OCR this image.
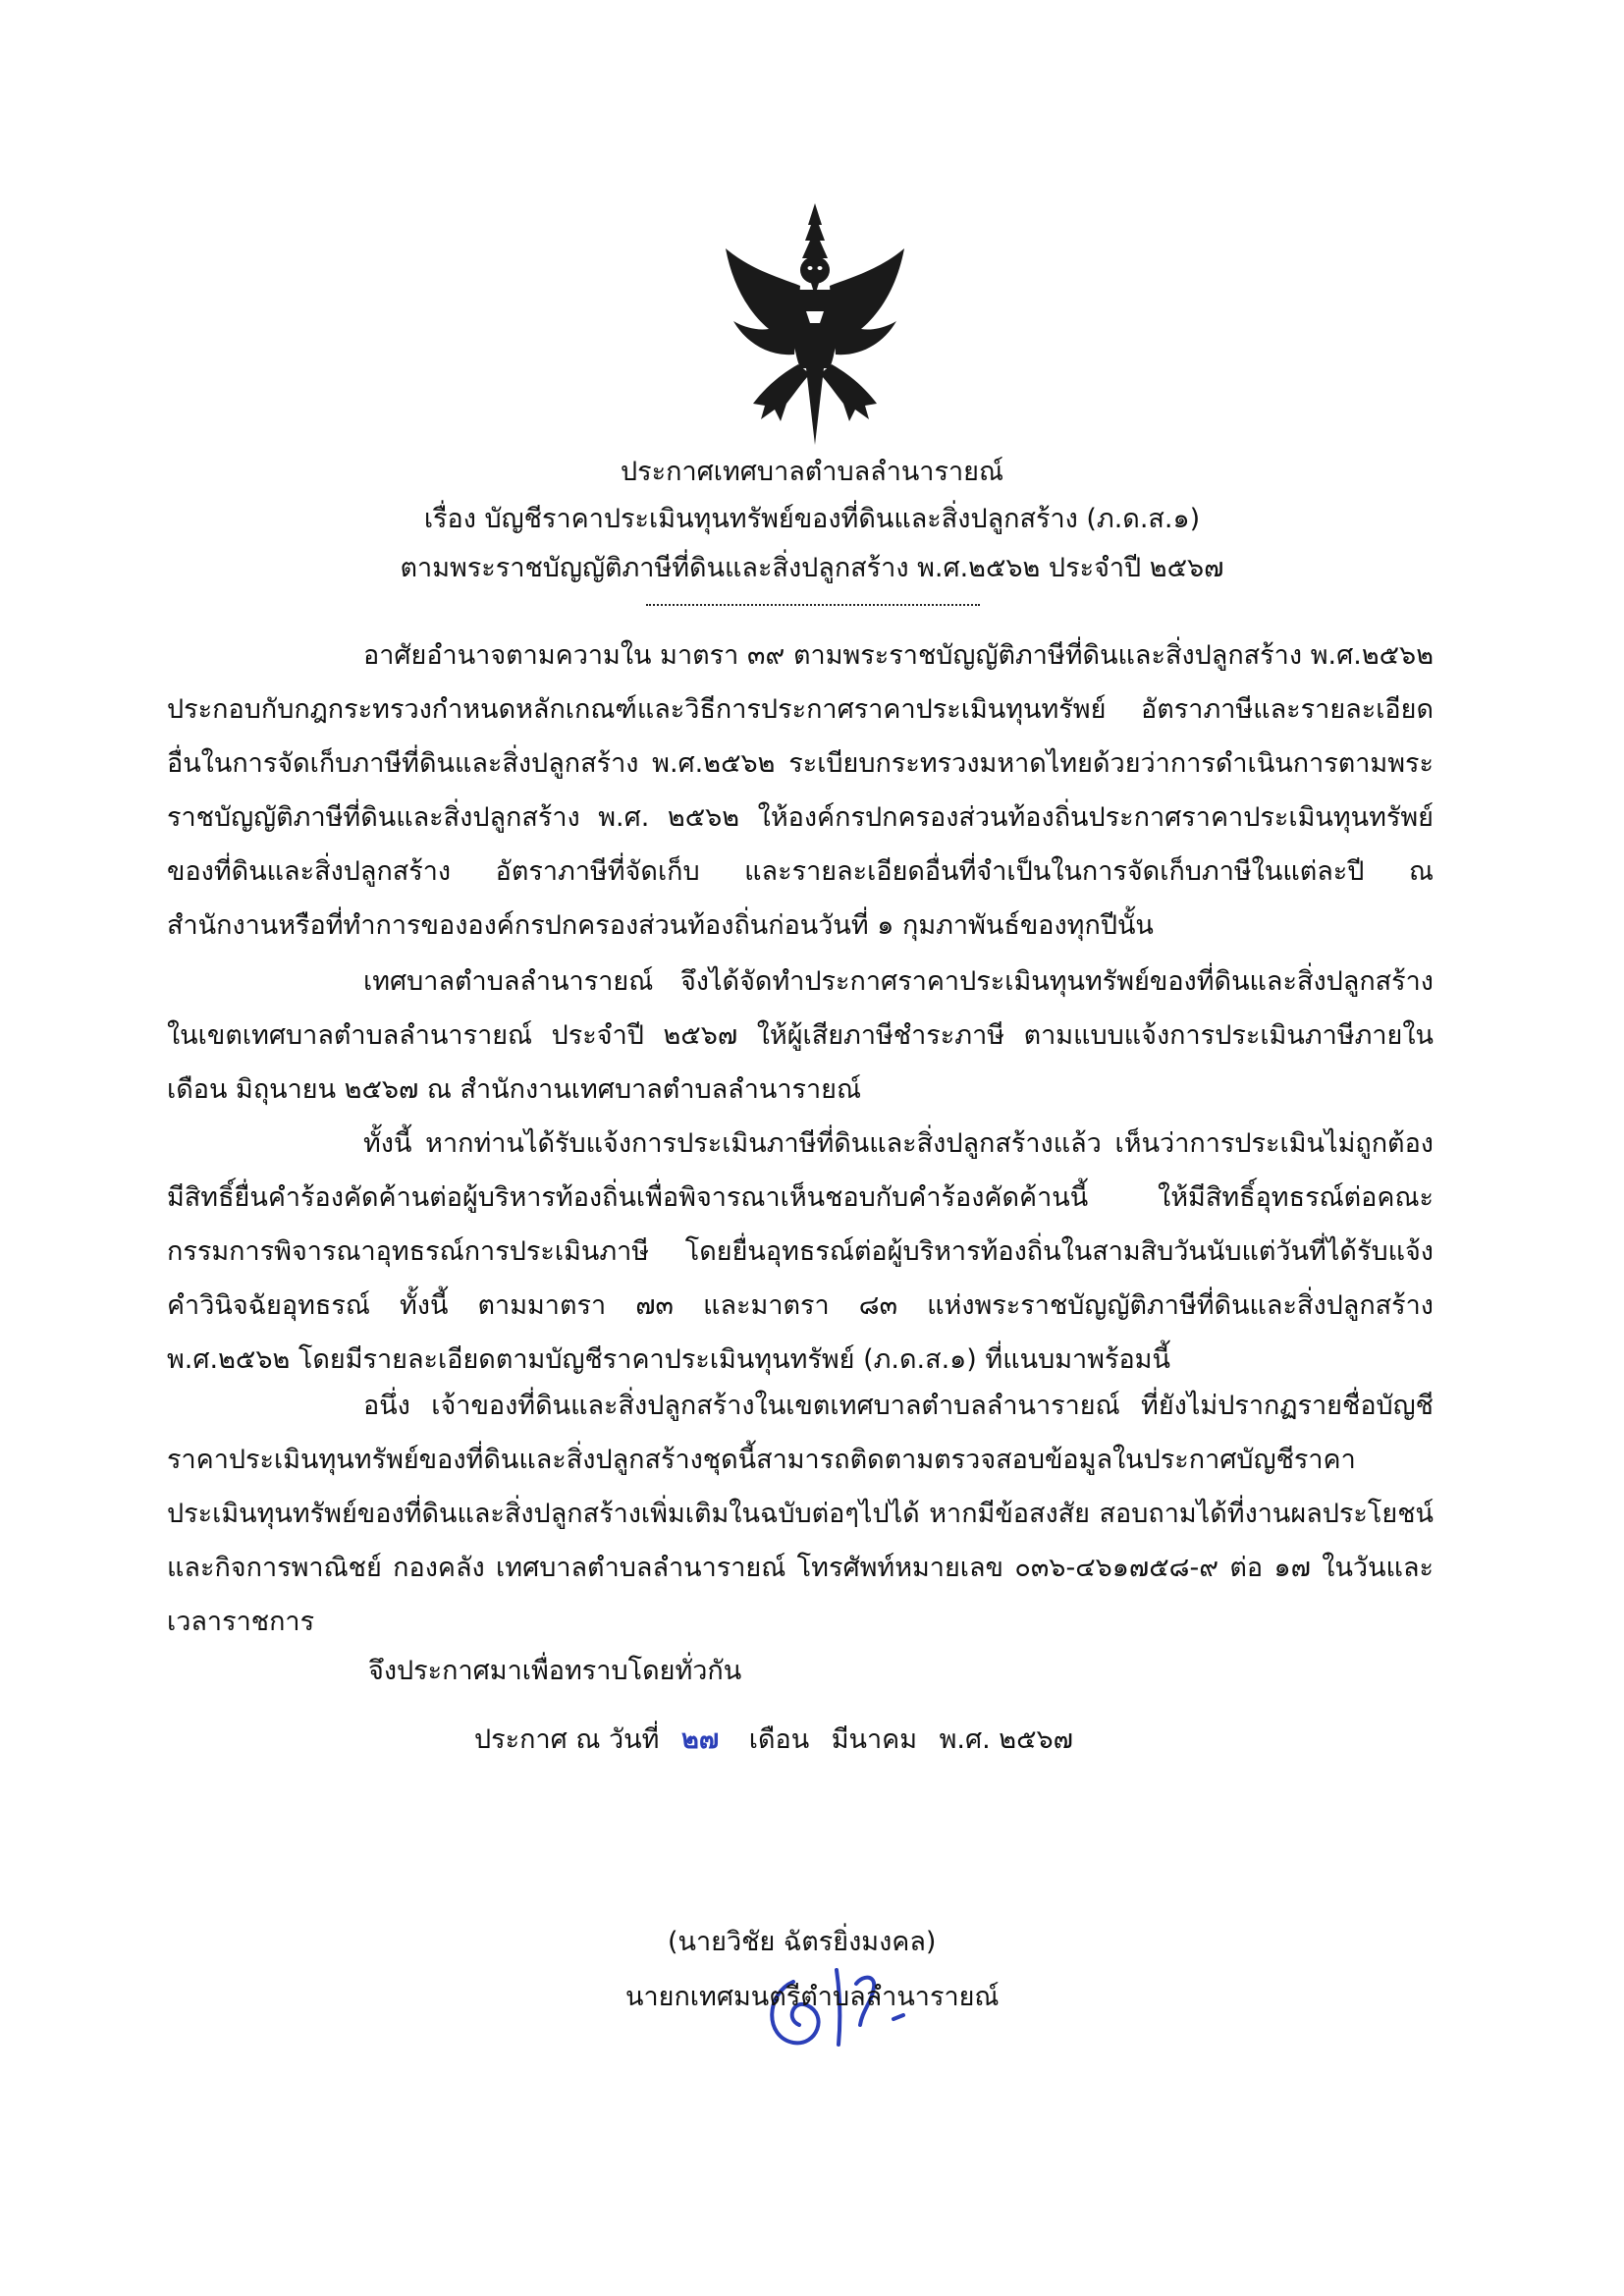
ประกาศเทศบาลตำบลลำนารายณ์
เรื่อง บัญชีราคาประเมินทุนทรัพย์ของที่ดินและสิ่งปลูกสร้าง (ภ.ด.ส.๑)
ตามพระราชบัญญัติภาษีที่ดินและสิ่งปลูกสร้าง พ.ศ.๒๕๖๒ ประจำปี ๒๕๖๗
อาศัยอำนาจตามความใน มาตรา ๓๙ ตามพระราชบัญญัติภาษีที่ดินและสิ่งปลูกสร้าง พ.ศ.๒๕๖๒ ประกอบกับกฎกระทรวงกำหนดหลักเกณฑ์และวิธีการประกาศราคาประเมินทุนทรัพย์ อัตราภาษีและรายละเอียดอื่นในการจัดเก็บภาษีที่ดินและสิ่งปลูกสร้าง พ.ศ.๒๕๖๒ ระเบียบกระทรวงมหาดไทยด้วยว่าการดำเนินการตามพระราชบัญญัติภาษีที่ดินและสิ่งปลูกสร้าง พ.ศ. ๒๕๖๒ ให้องค์กรปกครองส่วนท้องถิ่นประกาศราคาประเมินทุนทรัพย์ของที่ดินและสิ่งปลูกสร้าง อัตราภาษีที่จัดเก็บ และรายละเอียดอื่นที่จำเป็นในการจัดเก็บภาษีในแต่ละปี ณ สำนักงานหรือที่ทำการขององค์กรปกครองส่วนท้องถิ่นก่อนวันที่ ๑ กุมภาพันธ์ของทุกปีนั้น
เทศบาลตำบลลำนารายณ์ จึงได้จัดทำประกาศราคาประเมินทุนทรัพย์ของที่ดินและสิ่งปลูกสร้างในเขตเทศบาลตำบลลำนารายณ์ ประจำปี ๒๕๖๗ ให้ผู้เสียภาษีชำระภาษี ตามแบบแจ้งการประเมินภาษีภายในเดือน มิถุนายน ๒๕๖๗ ณ สำนักงานเทศบาลตำบลลำนารายณ์
ทั้งนี้ หากท่านได้รับแจ้งการประเมินภาษีที่ดินและสิ่งปลูกสร้างแล้ว เห็นว่าการประเมินไม่ถูกต้อง มีสิทธิ์ยื่นคำร้องคัดค้านต่อผู้บริหารท้องถิ่นเพื่อพิจารณาเห็นชอบกับคำร้องคัดค้านนี้ ให้มีสิทธิ์อุทธรณ์ต่อคณะกรรมการพิจารณาอุทธรณ์การประเมินภาษี โดยยื่นอุทธรณ์ต่อผู้บริหารท้องถิ่นในสามสิบวันนับแต่วันที่ได้รับแจ้งคำวินิจฉัยอุทธรณ์ ทั้งนี้ ตามมาตรา ๗๓ และมาตรา ๘๓ แห่งพระราชบัญญัติภาษีที่ดินและสิ่งปลูกสร้าง พ.ศ.๒๕๖๒ โดยมีรายละเอียดตามบัญชีราคาประเมินทุนทรัพย์ (ภ.ด.ส.๑) ที่แนบมาพร้อมนี้
อนึ่ง เจ้าของที่ดินและสิ่งปลูกสร้างในเขตเทศบาลตำบลลำนารายณ์ ที่ยังไม่ปรากฏรายชื่อบัญชีราคาประเมินทุนทรัพย์ของที่ดินและสิ่งปลูกสร้างชุดนี้สามารถติดตามตรวจสอบข้อมูลในประกาศบัญชีราคาประเมินทุนทรัพย์ของที่ดินและสิ่งปลูกสร้างเพิ่มเติมในฉบับต่อๆไปได้ หากมีข้อสงสัย สอบถามได้ที่งานผลประโยชน์และกิจการพาณิชย์ กองคลัง เทศบาลตำบลลำนารายณ์ โทรศัพท์หมายเลข ๐๓๖-๔๖๑๗๕๘-๙ ต่อ ๑๗ ในวันและเวลาราชการ
จึงประกาศมาเพื่อทราบโดยทั่วกัน
ประกาศ ณ วันที่ ๒๗ เดือน มีนาคม พ.ศ. ๒๕๖๗
(นายวิชัย ฉัตรยิ่งมงคล)
นายกเทศมนตรีตำบลลำนารายณ์
